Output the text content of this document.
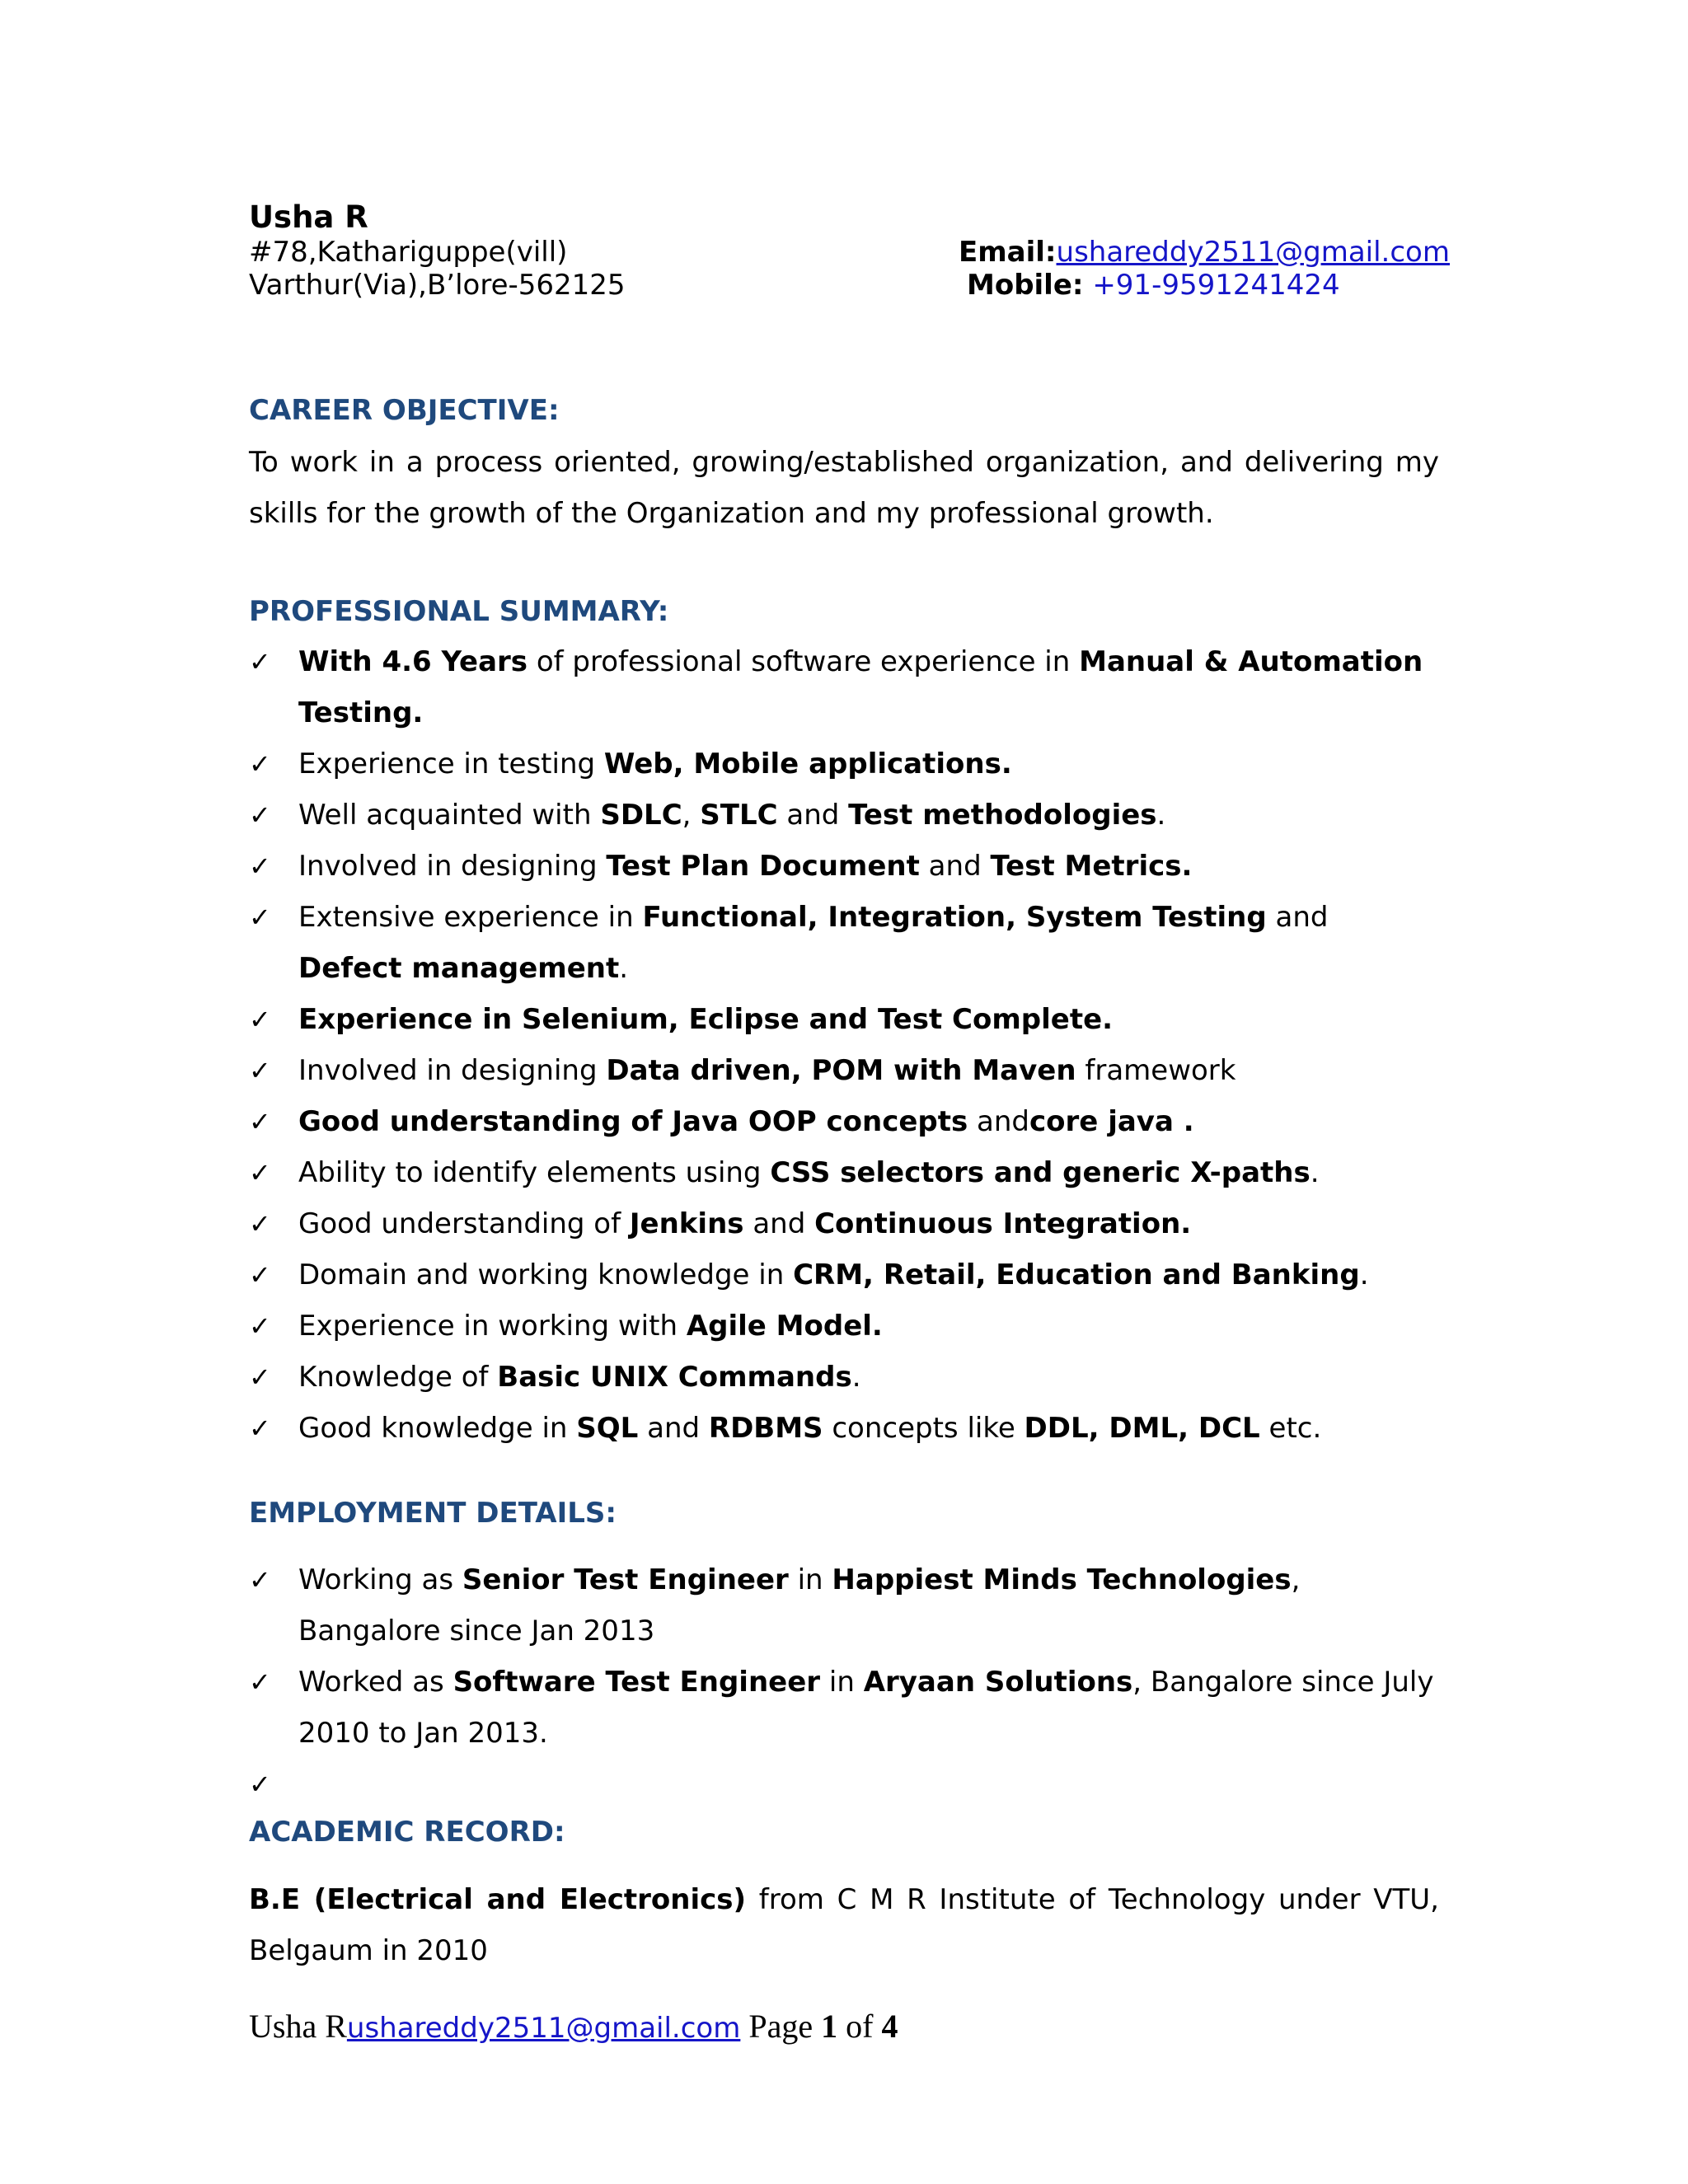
Usha R
#78,Kathariguppe(vill)
Varthur(Via),B’lore-562125
Email:ushareddy2511@gmail.com
Mobile: +91-9591241424
CAREER OBJECTIVE:
To work in a process oriented, growing/established organization, and delivering my skills for the growth of the Organization and my professional growth.
PROFESSIONAL SUMMARY:
✓ With 4.6 Years of professional software experience in Manual & Automation Testing.
✓ Experience in testing Web, Mobile applications.
✓ Well acquainted with SDLC, STLC and Test methodologies.
✓ Involved in designing Test Plan Document and Test Metrics.
✓ Extensive experience in Functional, Integration, System Testing and Defect management.
✓ Experience in Selenium, Eclipse and Test Complete.
✓ Involved in designing Data driven, POM with Maven framework
✓ Good understanding of Java OOP concepts andcore java .
✓ Ability to identify elements using CSS selectors and generic X-paths.
✓ Good understanding of Jenkins and Continuous Integration.
✓ Domain and working knowledge in CRM, Retail, Education and Banking.
✓ Experience in working with Agile Model.
✓ Knowledge of Basic UNIX Commands.
✓ Good knowledge in SQL and RDBMS concepts like DDL, DML, DCL etc.
EMPLOYMENT DETAILS:
✓ Working as Senior Test Engineer in Happiest Minds Technologies, Bangalore since Jan 2013
✓ Worked as Software Test Engineer in Aryaan Solutions, Bangalore since July 2010 to Jan 2013.
✓
ACADEMIC RECORD:
B.E (Electrical and Electronics) from C M R Institute of Technology under VTU, Belgaum in 2010
Usha Rushareddy2511@gmail.com Page 1 of 4
